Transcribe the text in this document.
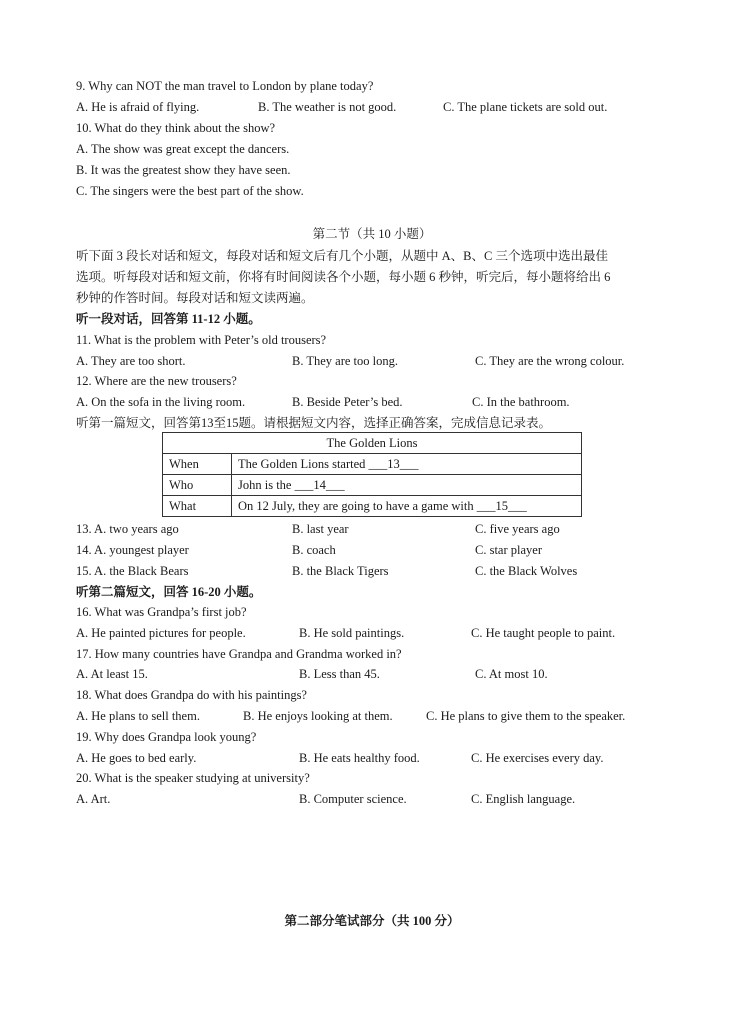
9. Why can NOT the man travel to London by plane today?
A. He is afraid of flying.	B. The weather is not good.	C. The plane tickets are sold out.
10. What do they think about the show?
A. The show was great except the dancers.
B. It was the greatest show they have seen.
C. The singers were the best part of the show.
第二节（共 10 小题）
听下面 3 段长对话和短文，每段对话和短文后有几个小题，从题中 A、B、C 三个选项中选出最佳
选项。听每段对话和短文前，你将有时间阅读各个小题，每小题 6 秒钟，听完后，每小题将给出 6
秒钟的作答时间。每段对话和短文读两遍。
听一段对话，回答第 11-12 小题。
11. What is the problem with Peter’s old trousers?
A. They are too short.	B. They are too long.	C. They are the wrong colour.
12. Where are the new trousers?
A. On the sofa in the living room.	B. Beside Peter’s bed.	C. In the bathroom.
听第一篇短文，回答第13至15题。请根据短文内容，选择正确答案，完成信息记录表。
The Golden Lions	
When	The Golden Lions started ___13___
Who	John is the ___14___
What	On 12 July, they are going to have a game with ___15___
13. A. two years ago	B. last year	C. five years ago
14. A. youngest player	B. coach	C. star player
15. A. the Black Bears	B. the Black Tigers	C. the Black Wolves
听第二篇短文，回答 16-20 小题。
16. What was Grandpa’s first job?
A. He painted pictures for people.	B. He sold paintings.	C. He taught people to paint.
17. How many countries have Grandpa and Grandma worked in?
A. At least 15.	B. Less than 45.	C. At most 10.
18. What does Grandpa do with his paintings?
A. He plans to sell them.	B. He enjoys looking at them.	C. He plans to give them to the speaker.
19. Why does Grandpa look young?
A. He goes to bed early.	B. He eats healthy food.	C. He exercises every day.
20. What is the speaker studying at university?
A. Art.	B. Computer science.	C. English language.
第二部分笔试部分（共 100 分）
